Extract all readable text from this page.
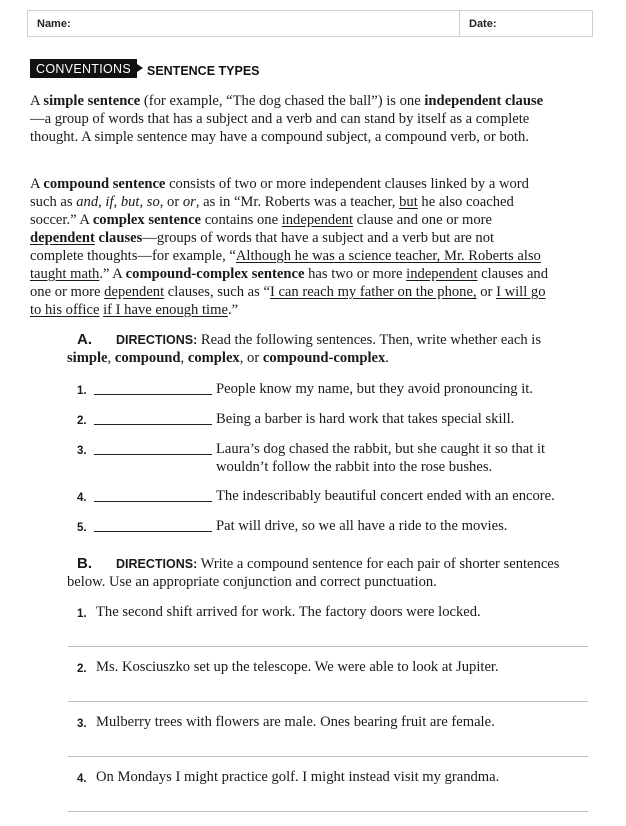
Name:	Date:
CONVENTIONS	SENTENCE TYPES

A simple sentence (for example, “The dog chased the ball”) is one independent clause—a group of words that has a subject and a verb and can stand by itself as a complete thought. A simple sentence may have a compound subject, a compound verb, or both.

A compound sentence consists of two or more independent clauses linked by a word such as and, if, but, so, or or, as in “Mr. Roberts was a teacher, but he also coached soccer.” A complex sentence contains one independent clause and one or more dependent clauses—groups of words that have a subject and a verb but are not complete thoughts—for example, “Although he was a science teacher, Mr. Roberts also taught math.” A compound-complex sentence has two or more independent clauses and one or more dependent clauses, such as “I can reach my father on the phone, or I will go to his office if I have enough time.”

A. DIRECTIONS: Read the following sentences. Then, write whether each is simple, compound, complex, or compound-complex.
1.	People know my name, but they avoid pronouncing it.
2.	Being a barber is hard work that takes special skill.
3.	Laura’s dog chased the rabbit, but she caught it so that it wouldn’t follow the rabbit into the rose bushes.
4.	The indescribably beautiful concert ended with an encore.
5.	Pat will drive, so we all have a ride to the movies.
B. DIRECTIONS: Write a compound sentence for each pair of shorter sentences below. Use an appropriate conjunction and correct punctuation.
1. The second shift arrived for work. The factory doors were locked.
2. Ms. Kosciuszko set up the telescope. We were able to look at Jupiter.
3. Mulberry trees with flowers are male. Ones bearing fruit are female.
4. On Mondays I might practice golf. I might instead visit my grandma.
